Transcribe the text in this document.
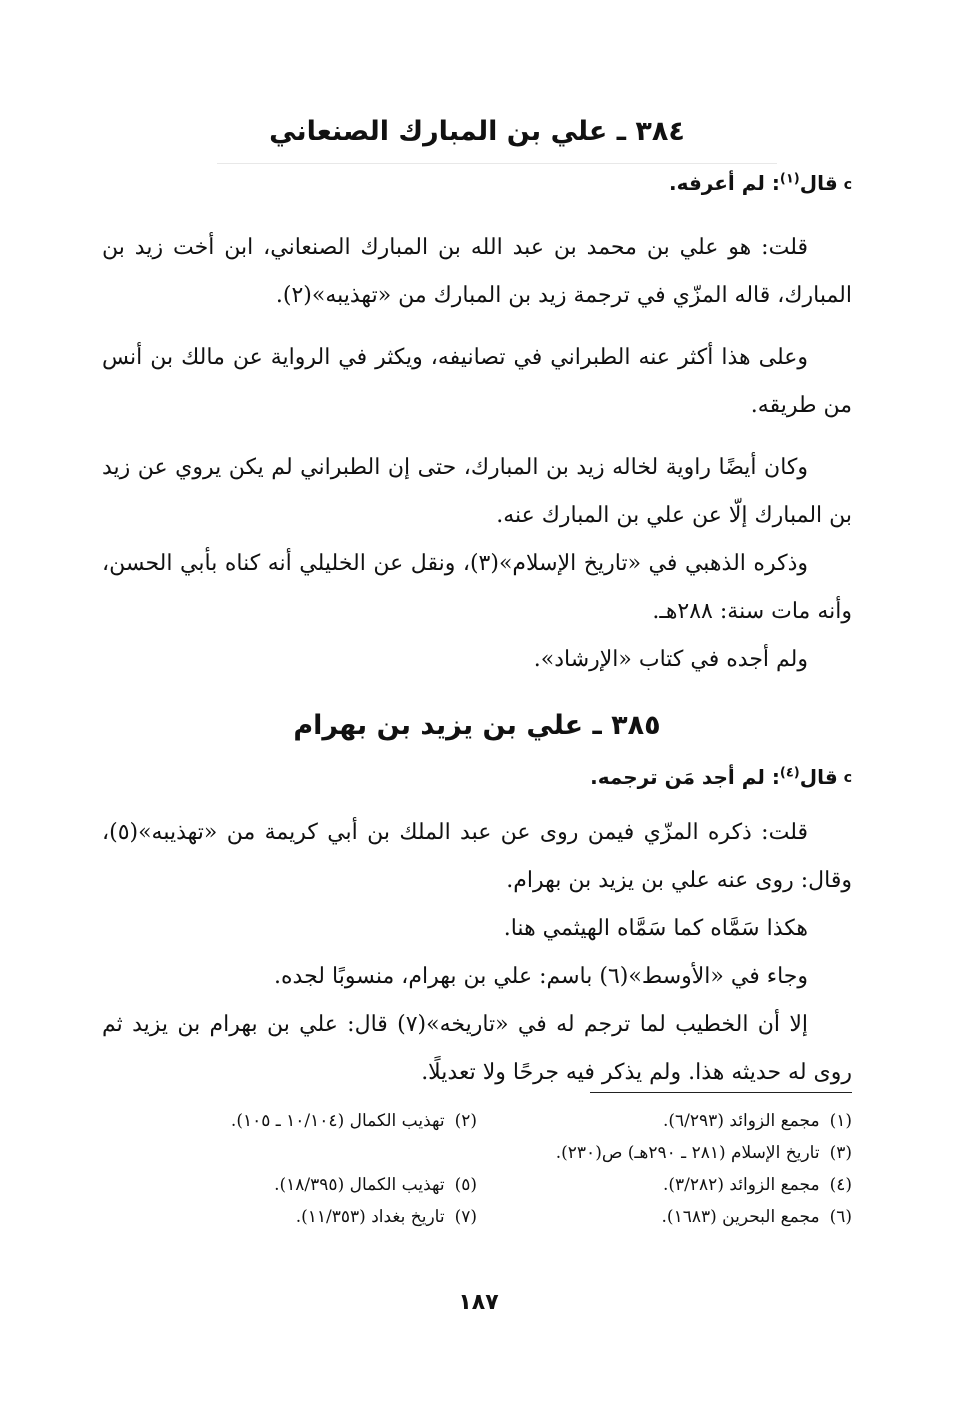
٣٨٤ ـ علي بن المبارك الصنعاني

cقال$^{(١)}$: لم أعرفه.

قلت: هو علي بن محمد بن عبد الله بن المبارك الصنعاني، ابن أخت زيد بن المبارك، قاله المزّي في ترجمة زيد بن المبارك من «تهذيبه»(٢).

وعلى هذا أكثر عنه الطبراني في تصانيفه، ويكثر في الرواية عن مالك بن أنس من طريقه.

وكان أيضًا راوية لخاله زيد بن المبارك، حتى إن الطبراني لم يكن يروي عن زيد بن المبارك إلّا عن علي بن المبارك عنه.

وذكره الذهبي في «تاريخ الإسلام»(٣)، ونقل عن الخليلي أنه كناه بأبي الحسن، وأنه مات سنة: ٢٨٨هـ.

ولم أجده في كتاب «الإرشاد».

٣٨٥ ـ علي بن يزيد بن بهرام

cقال$^{(٤)}$: لم أجد مَن ترجمه.

قلت: ذكره المزّي فيمن روى عن عبد الملك بن أبي كريمة من «تهذيبه»(٥)، وقال: روى عنه علي بن يزيد بن بهرام.

هكذا سَمَّاه كما سَمَّاه الهيثمي هنا.

وجاء في «الأوسط»(٦) باسم: علي بن بهرام، منسوبًا لجده.

إلا أن الخطيب لما ترجم له في «تاريخه»(٧) قال: علي بن بهرام بن يزيد ثم روى له حديثه هذا. ولم يذكر فيه جرحًا ولا تعديلًا.

(١)مجمع الزوائد (٦/٢٩٣).
(٢)تهذيب الكمال (١٠/١٠٤ ـ ١٠٥).
(٣)تاريخ الإسلام (٢٨١ ـ ٢٩٠هـ) ص(٢٣٠).
(٤)مجمع الزوائد (٣/٢٨٢).
(٥)تهذيب الكمال (١٨/٣٩٥).
(٦)مجمع البحرين (١٦٨٣).
(٧)تاريخ بغداد (١١/٣٥٣).
١٨٧
